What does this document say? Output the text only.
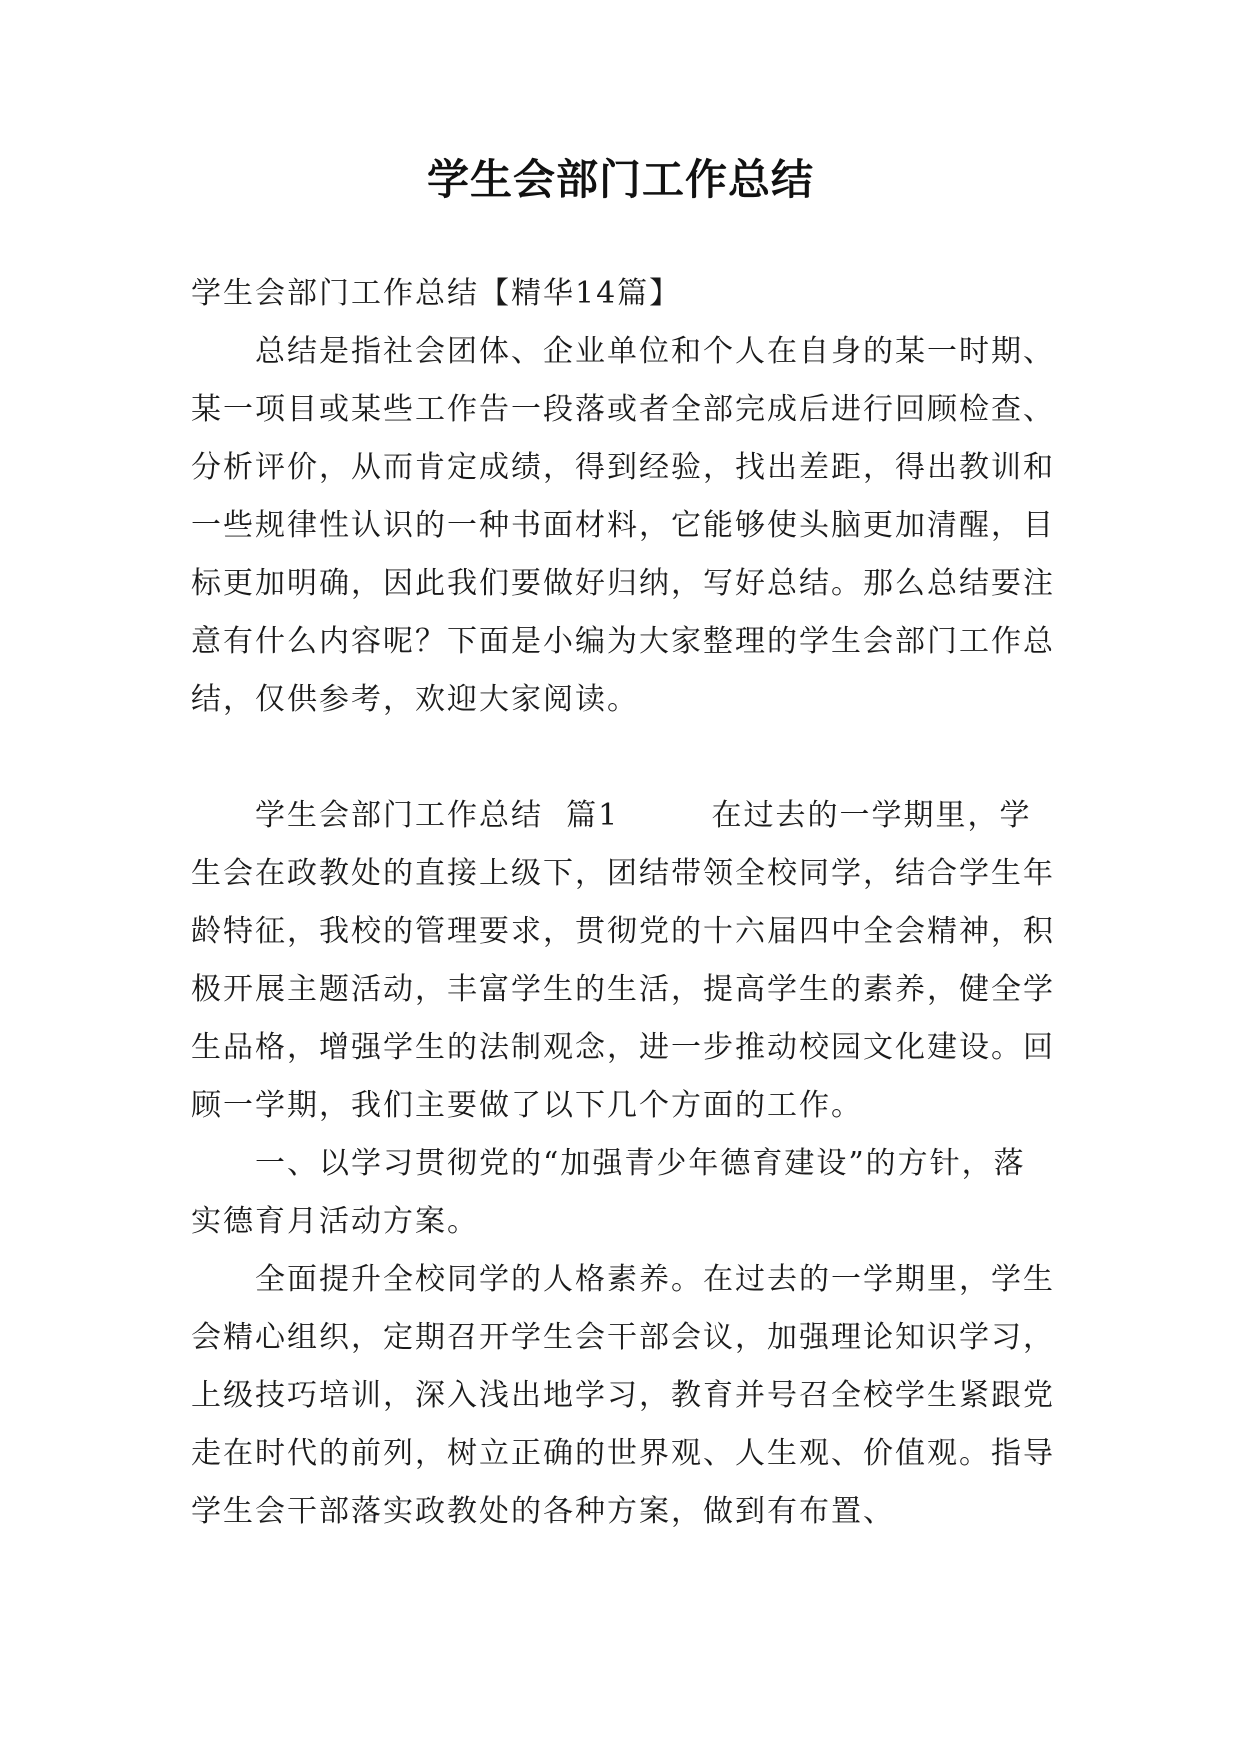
学生会部门工作总结

学生会部门工作总结【精华14篇】

总结是指社会团体、企业单位和个人在自身的某一时期、某一项目或某些工作告一段落或者全部完成后进行回顾检查、分析评价，从而肯定成绩，得到经验，找出差距，得出教训和一些规律性认识的一种书面材料，它能够使头脑更加清醒，目标更加明确，因此我们要做好归纳，写好总结。那么总结要注意有什么内容呢？下面是小编为大家整理的学生会部门工作总结，仅供参考，欢迎大家阅读。

学生会部门工作总结  篇1        在过去的一学期里，学生会在政教处的直接上级下，团结带领全校同学，结合学生年龄特征，我校的管理要求，贯彻党的十六届四中全会精神，积极开展主题活动，丰富学生的生活，提高学生的素养，健全学生品格，增强学生的法制观念，进一步推动校园文化建设。回顾一学期，我们主要做了以下几个方面的工作。

一、以学习贯彻党的“加强青少年德育建设”的方针，落实德育月活动方案。

全面提升全校同学的人格素养。在过去的一学期里，学生会精心组织，定期召开学生会干部会议，加强理论知识学习，上级技巧培训，深入浅出地学习，教育并号召全校学生紧跟党走在时代的前列，树立正确的世界观、人生观、价值观。指导学生会干部落实政教处的各种方案，做到有布置、
